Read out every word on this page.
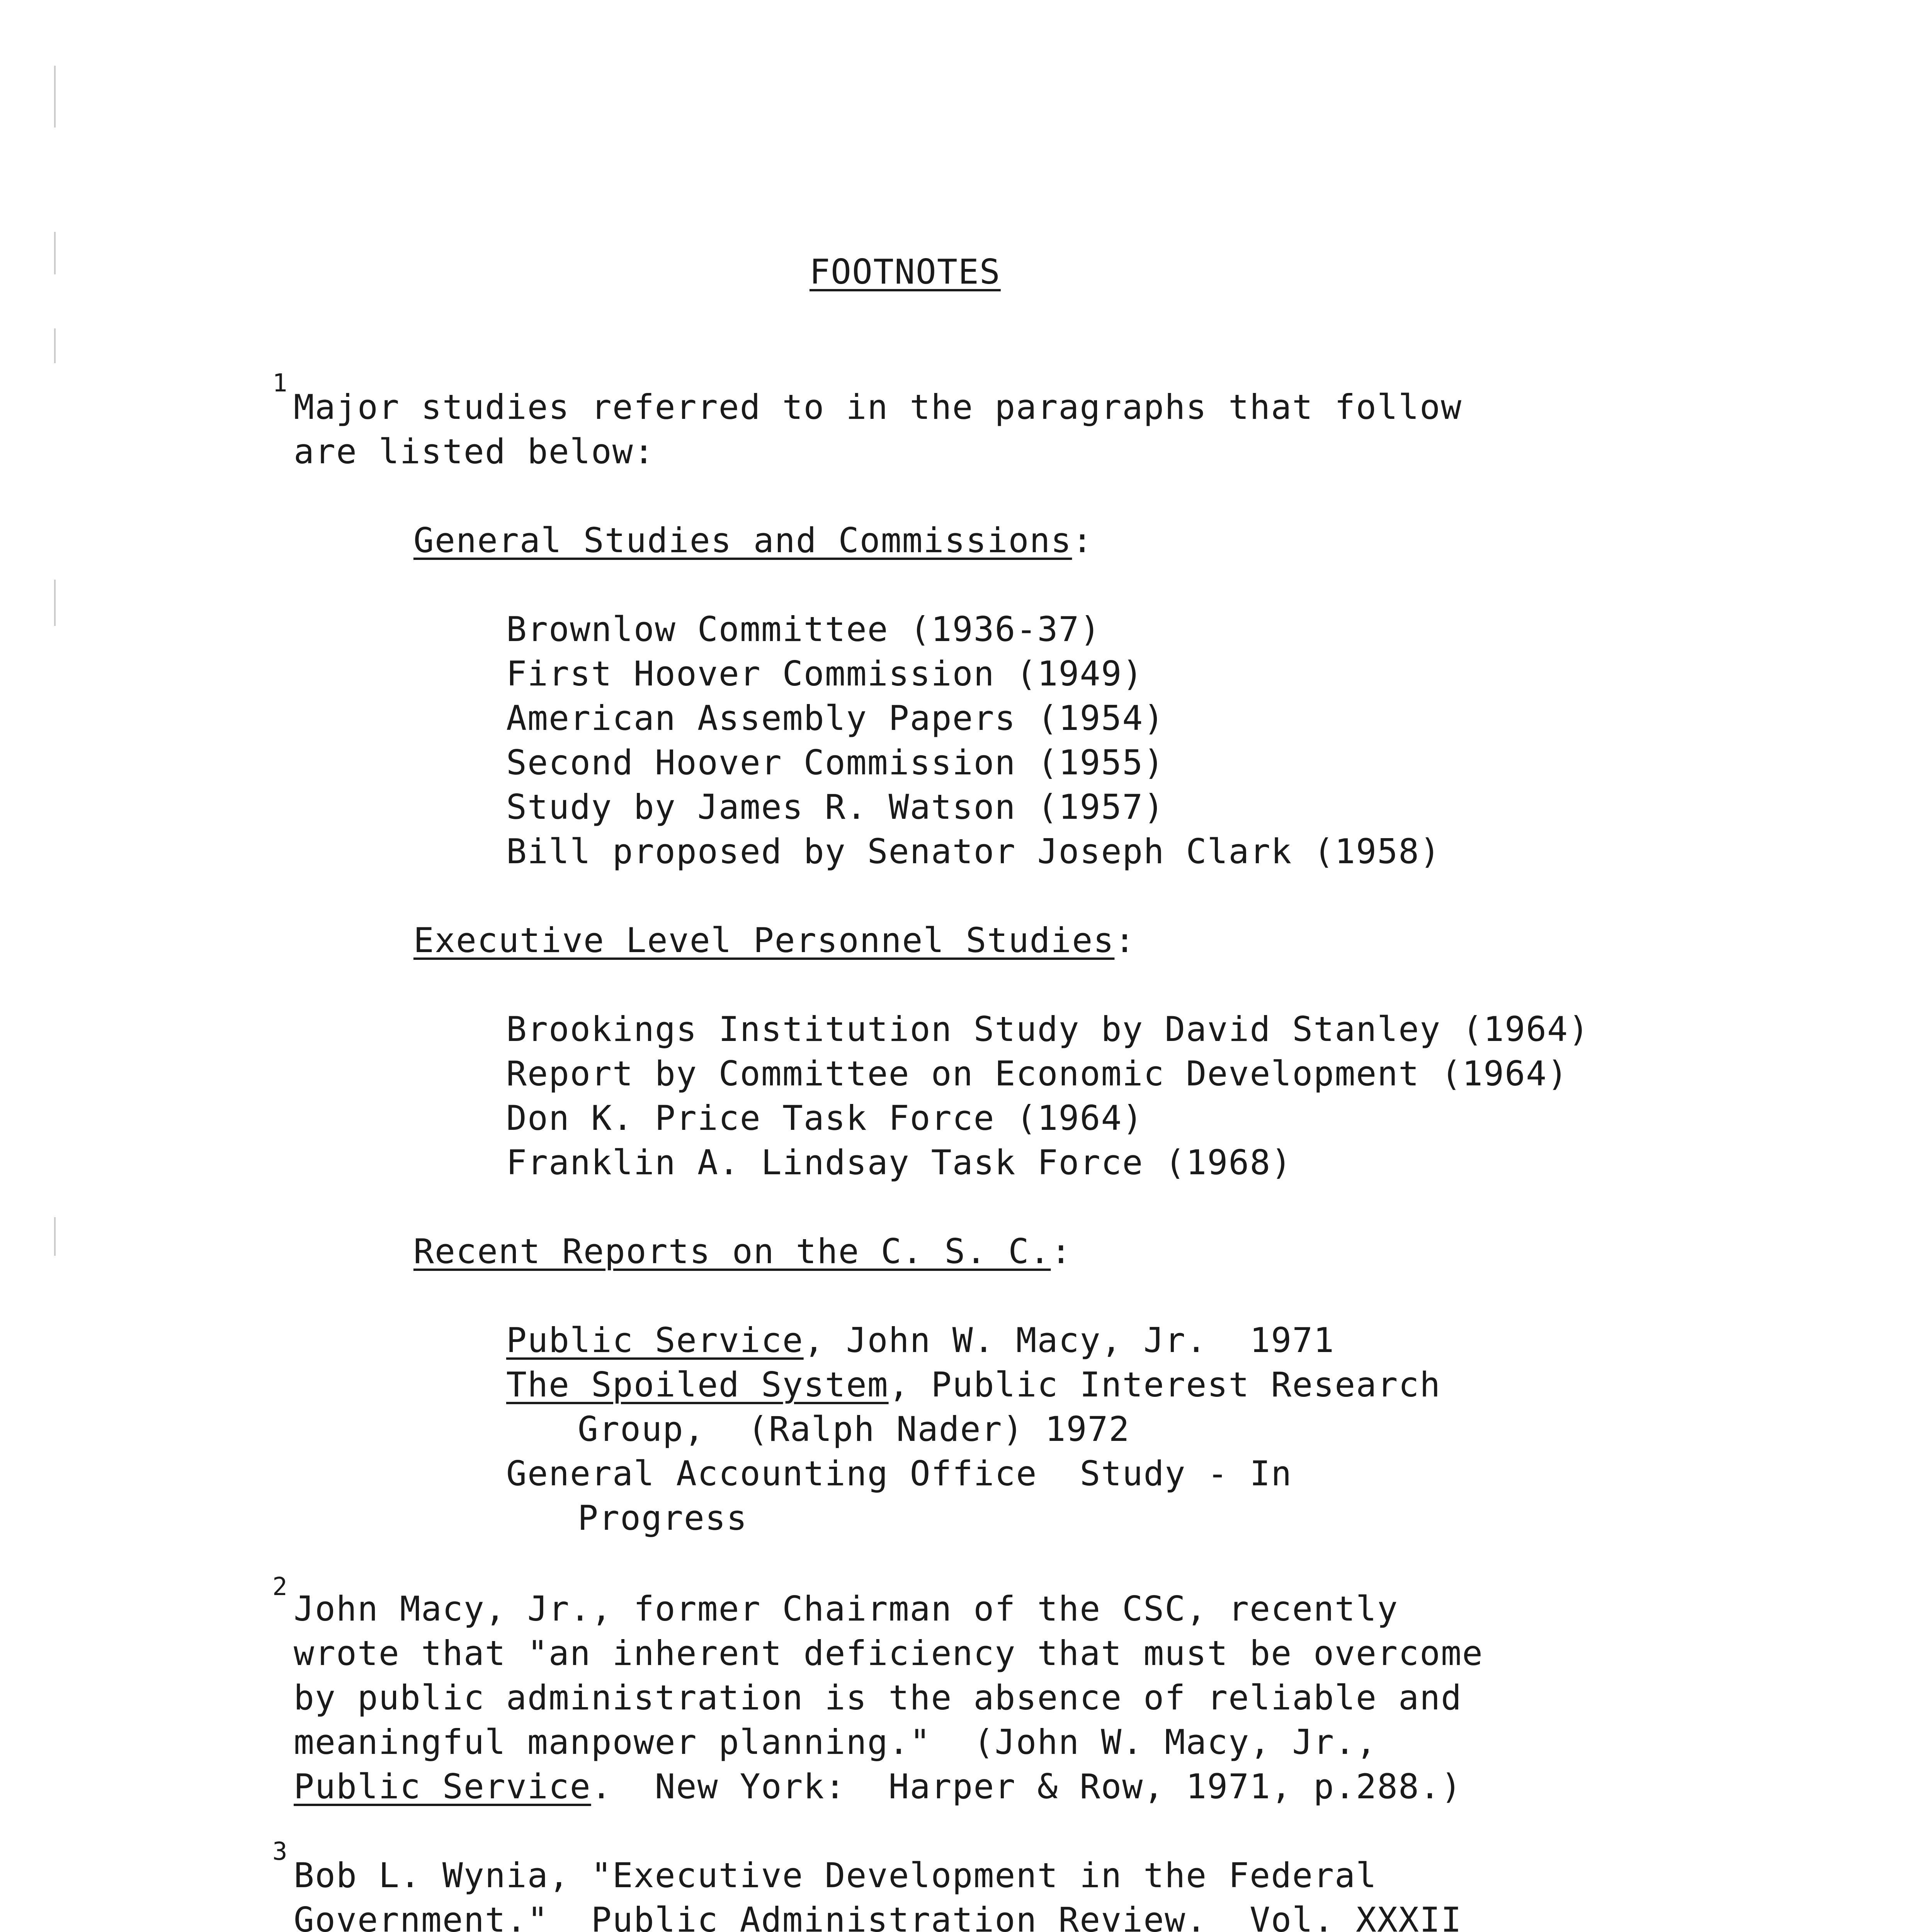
FOOTNOTES
1
Major studies referred to in the paragraphs that follow
are listed below:
General Studies and Commissions:
Brownlow Committee (1936-37)
First Hoover Commission (1949)
American Assembly Papers (1954)
Second Hoover Commission (1955)
Study by James R. Watson (1957)
Bill proposed by Senator Joseph Clark (1958)
Executive Level Personnel Studies:
Brookings Institution Study by David Stanley (1964)
Report by Committee on Economic Development (1964)
Don K. Price Task Force (1964)
Franklin A. Lindsay Task Force (1968)
Recent Reports on the C. S. C.:
Public Service, John W. Macy, Jr.  1971
The Spoiled System, Public Interest Research
Group,  (Ralph Nader) 1972
General Accounting Office  Study - In
Progress
2
John Macy, Jr., former Chairman of the CSC, recently
wrote that "an inherent deficiency that must be overcome
by public administration is the absence of reliable and
meaningful manpower planning."  (John W. Macy, Jr.,
Public Service.  New York:  Harper & Row, 1971, p.288.)
3
Bob L. Wynia, "Executive Development in the Federal
Government."  Public Administration Review.  Vol. XXXII
